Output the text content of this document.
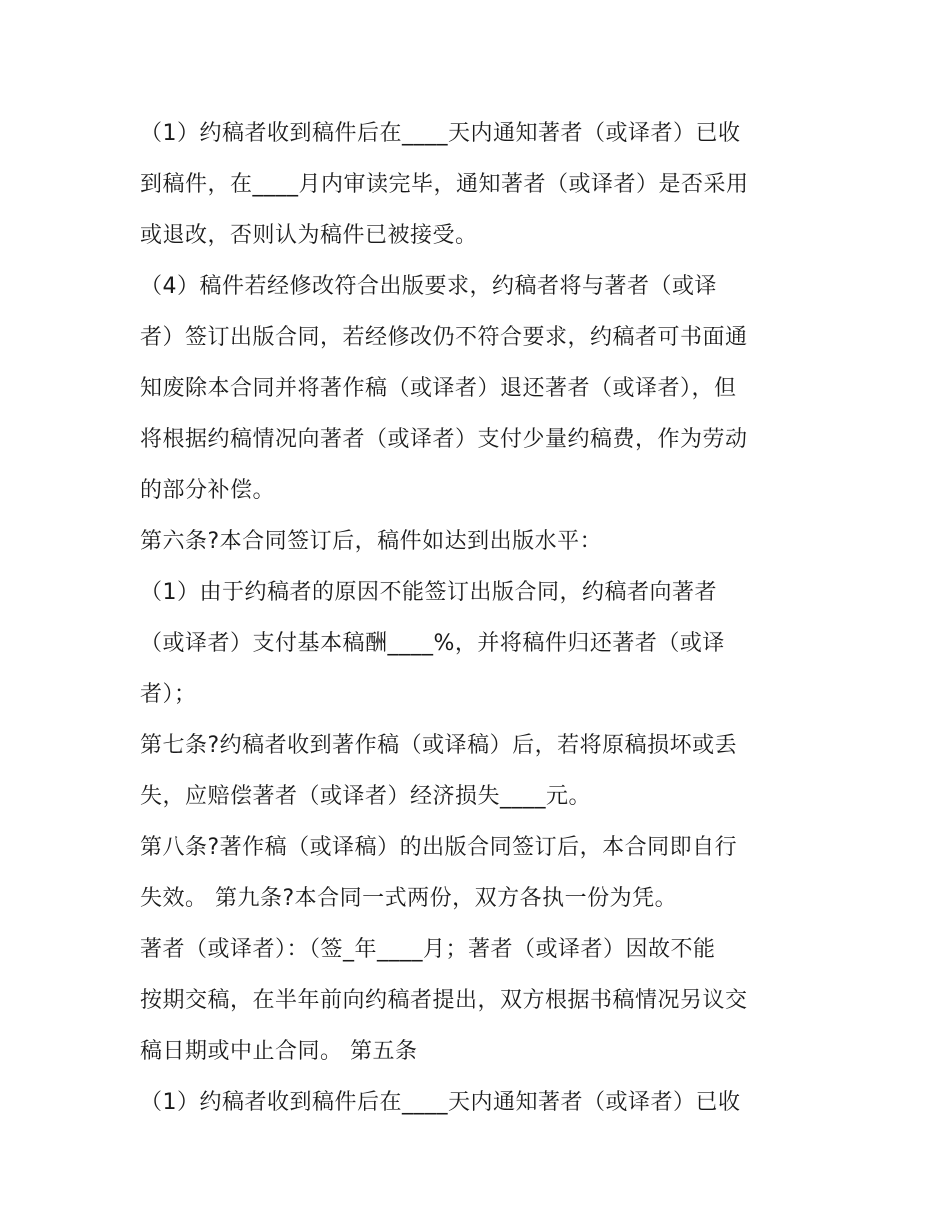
（1）约稿者收到稿件后在____天内通知著者（或译者）已收
到稿件，在____月内审读完毕，通知著者（或译者）是否采用
或退改，否则认为稿件已被接受。
（4）稿件若经修改符合出版要求，约稿者将与著者（或译
者）签订出版合同，若经修改仍不符合要求，约稿者可书面通
知废除本合同并将著作稿（或译者）退还著者（或译者），但
将根据约稿情况向著者（或译者）支付少量约稿费，作为劳动
的部分补偿。
第六条?本合同签订后，稿件如达到出版水平：
（1）由于约稿者的原因不能签订出版合同，约稿者向著者
（或译者）支付基本稿酬____%，并将稿件归还著者（或译
者）；
第七条?约稿者收到著作稿（或译稿）后，若将原稿损坏或丢
失，应赔偿著者（或译者）经济损失____元。
第八条?著作稿（或译稿）的出版合同签订后，本合同即自行
失效。 第九条?本合同一式两份，双方各执一份为凭。
著者（或译者）：（签_年____月；著者（或译者）因故不能
按期交稿，在半年前向约稿者提出，双方根据书稿情况另议交
稿日期或中止合同。 第五条
（1）约稿者收到稿件后在____天内通知著者（或译者）已收
